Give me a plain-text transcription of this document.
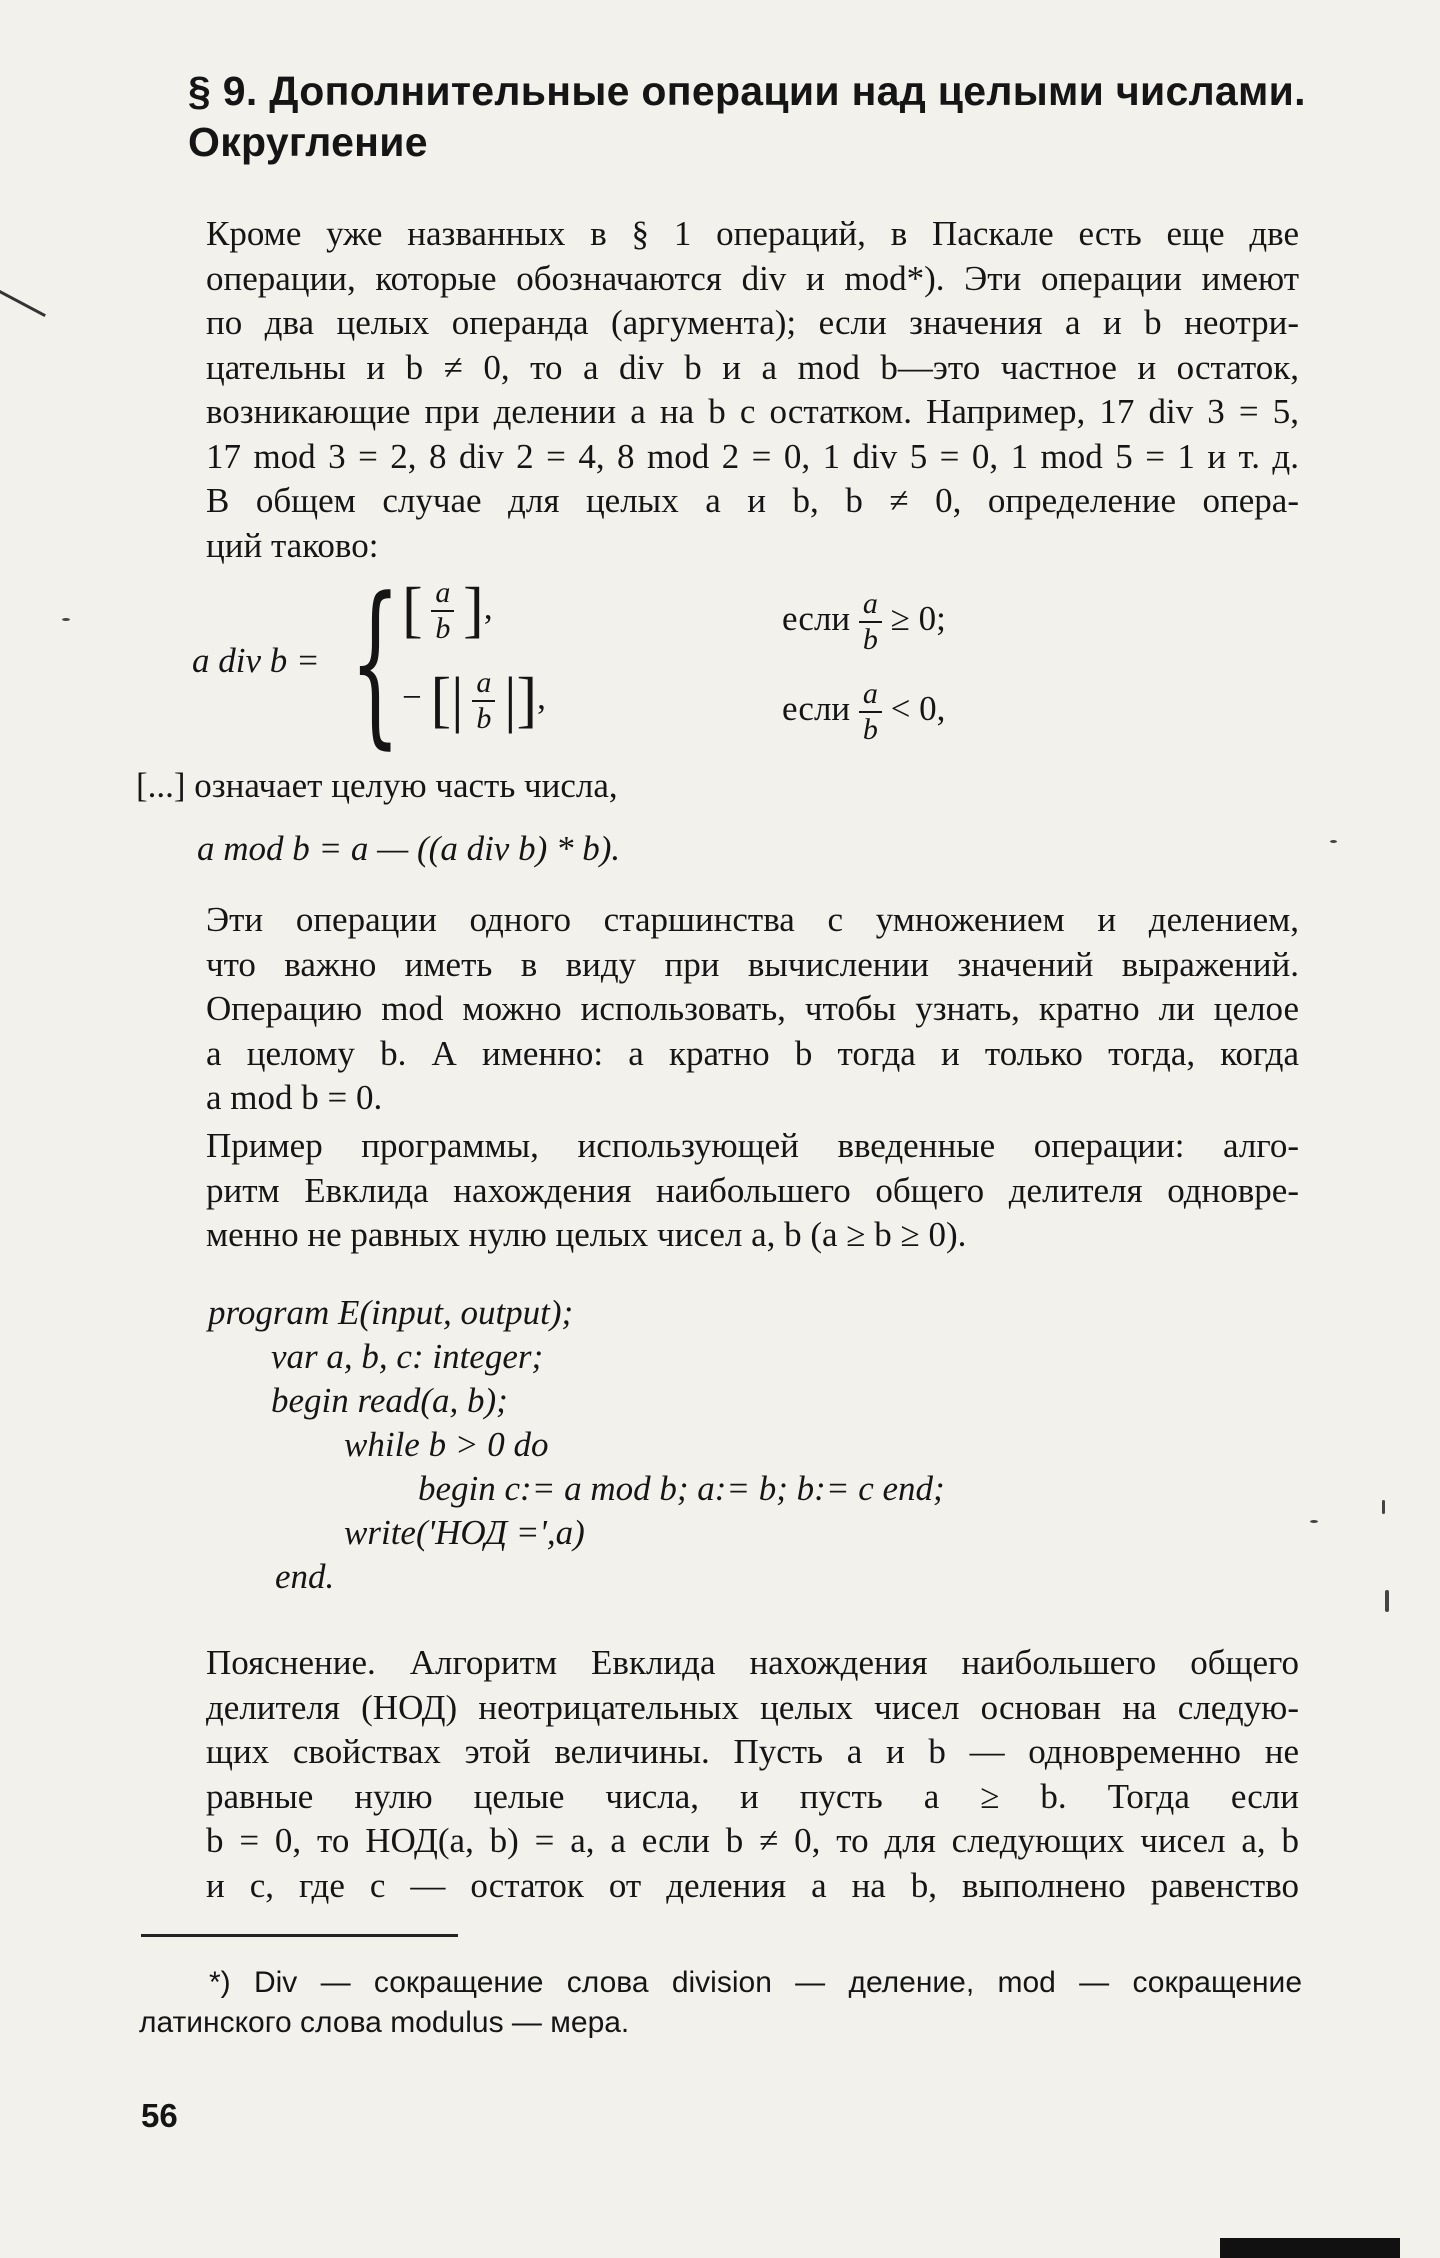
§ 9. Дополнительные операции над целыми числами.
Округление

Кроме уже названных в § 1 операций, в Паскале есть еще две
операции, которые обозначаются div и mod*). Эти операции имеют
по два целых операнда (аргумента); если значения a и b неотри-
цательны и b ≠ 0, то a div b и a mod b—это частное и остаток,
возникающие при делении a на b с остатком. Например, 17 div 3 = 5,
17 mod 3 = 2, 8 div 2 = 4, 8 mod 2 = 0, 1 div 5 = 0, 1 mod 5 = 1 и т. д.

В общем случае для целых a и b, b ≠ 0, определение опера-
ций таково:

a div b = { [ $\frac{a}{b}$ ],	если $\frac{a}{b} \ge 0$;
− [| $\frac{a}{b}$ |],	если $\frac{a}{b} < 0$,
[...] означает целую часть числа,
a mod b = a — ((a div b) * b).

Эти операции одного старшинства с умножением и делением,
что важно иметь в виду при вычислении значений выражений.
Операцию mod можно использовать, чтобы узнать, кратно ли целое
a целому b. А именно: a кратно b тогда и только тогда, когда
a mod b = 0.

Пример программы, использующей введенные операции: алго-
ритм Евклида нахождения наибольшего общего делителя одновре-
менно не равных нулю целых чисел a, b (a ≥ b ≥ 0).

program E(input, output);
var a, b, c: integer;
begin read(a, b);
while b > 0 do
begin c:= a mod b; a:= b; b:= c end;
write('НОД =',a)
end.

Пояснение. Алгоритм Евклида нахождения наибольшего общего
делителя (НОД) неотрицательных целых чисел основан на следую-
щих свойствах этой величины. Пусть a и b — одновременно не
равные нулю целые числа, и пусть a ≥ b. Тогда если
b = 0, то НОД(a, b) = a, а если b ≠ 0, то для следующих чисел a, b
и c, где c — остаток от деления a на b, выполнено равенство

*) Div — сокращение слова division — деление, mod — сокращение
латинского слова modulus — мера.
56
